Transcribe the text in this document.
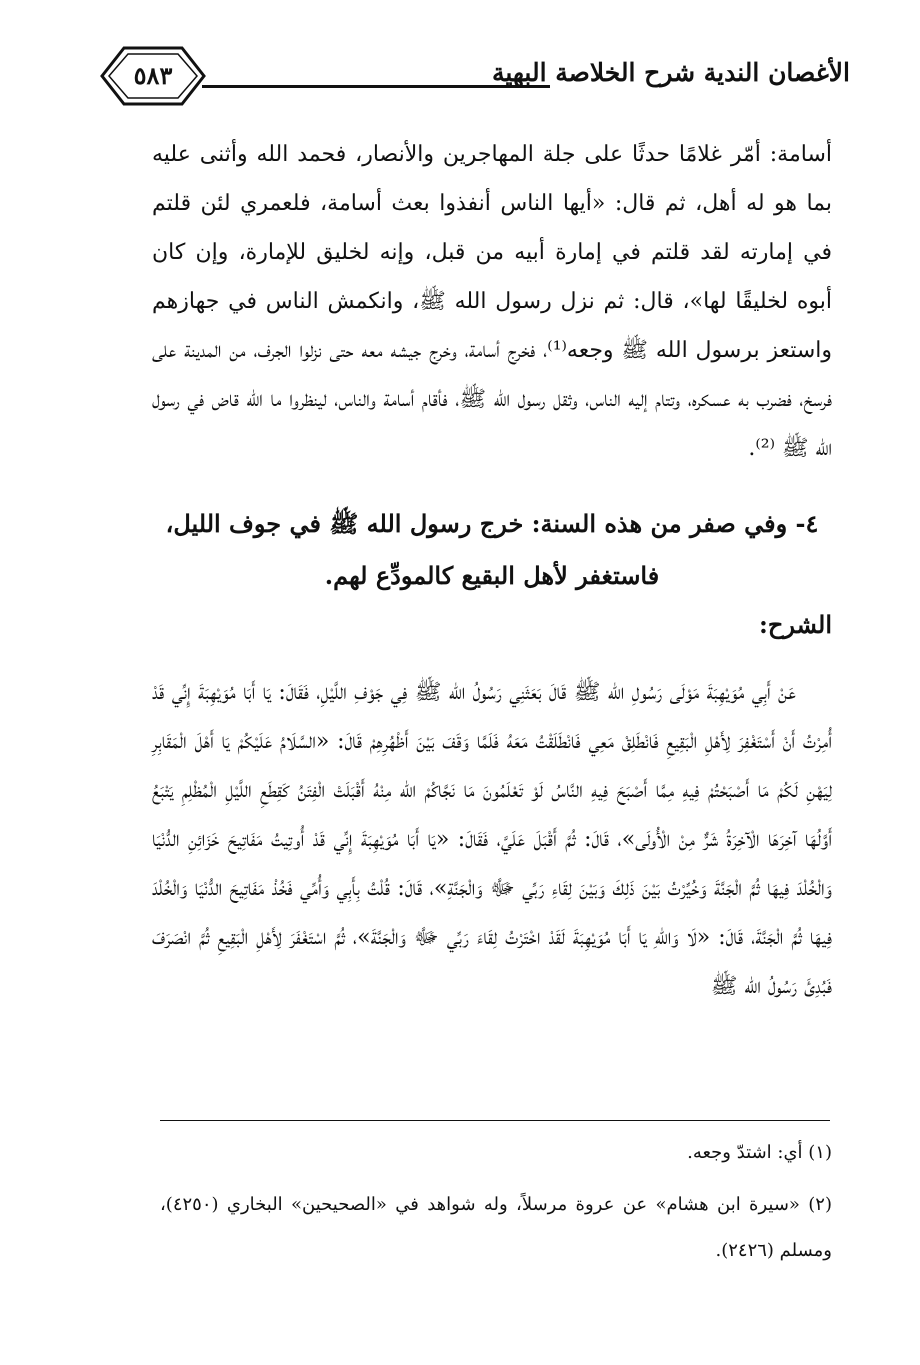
٥٨٣	الأغصان الندية شرح الخلاصة البهية

أسامة: أمّر غلامًا حدثًا على جلة المهاجرين والأنصار، فحمد الله وأثنى عليه بما هو له أهل، ثم قال: «أيها الناس أنفذوا بعث أسامة، فلعمري لئن قلتم في إمارته لقد قلتم في إمارة أبيه من قبل، وإنه لخليق للإمارة، وإن كان أبوه لخليقًا لها»، قال: ثم نزل رسول الله ﷺ، وانكمش الناس في جهازهم واستعز برسول الله ﷺ وجعه⁽¹⁾، فخرج أسامة، وخرج جيشه معه حتى نزلوا الجرف، من المدينة على فرسخ، فضرب به عسكره، وتتام إليه الناس، وثقل رسول الله ﷺ، فأقام أسامة والناس، لينظروا ما الله قاض في رسول الله ﷺ ⁽²⁾.

٤- وفي صفر من هذه السنة: خرج رسول الله ﷺ في جوف الليل،

فاستغفر لأهل البقيع كالمودِّع لهم.

الشرح:

عَنْ أَبِي مُوَيْهِبَةَ مَوْلَى رَسُولِ الله ﷺ قَالَ بَعَثَنِي رَسُولُ الله ﷺ فِي جَوْفِ اللَّيْلِ، فَقَالَ: يَا أَبَا مُوَيْهِبَةَ إِنِّي قَدْ أُمِرْتُ أَنْ أَسْتَغْفِرَ لِأَهْلِ الْبَقِيعِ فَانْطَلِقْ مَعِي فَانْطَلَقْتُ مَعَهُ فَلَمَّا وَقَفَ بَيْنَ أَظْهُرِهِمْ قَالَ: «السَّلَامُ عَلَيْكُمْ يَا أَهْلَ الْمَقَابِرِ لِيَهْنِ لَكُمْ مَا أَصْبَحْتُمْ فِيهِ مِمَّا أَصْبَحَ فِيهِ النَّاسُ لَوْ تَعْلَمُونَ مَا نَجَّاكُمْ الله مِنْهُ أَقْبَلَتْ الْفِتَنُ كَقِطَعِ اللَّيْلِ الْمُظْلِمِ يَتْبَعُ أَوَّلُهَا آخِرَهَا الْآخِرَةُ شَرٌّ مِنْ الْأُولَى»، قَالَ: ثُمَّ أَقْبَلَ عَلَيَّ، فَقَالَ: «يَا أَبَا مُوَيْهِبَةَ إِنِّي قَدْ أُوتِيتُ مَفَاتِيحَ خَزَائِنِ الدُّنْيَا وَالْخُلْدَ فِيهَا ثُمَّ الْجَنَّةَ وَخُيِّرْتُ بَيْنَ ذَلِكَ وَبَيْنَ لِقَاءِ رَبِّي ﷻ وَالْجَنَّةِ»، قَالَ: قُلْتُ بِأَبِي وَأُمِّي فَخُذْ مَفَاتِيحَ الدُّنْيَا وَالْخُلْدَ فِيهَا ثُمَّ الْجَنَّةَ، قَالَ: «لَا وَاللهِ يَا أَبَا مُوَيْهِبَةَ لَقَدْ اخْتَرْتُ لِقَاءَ رَبِّي ﷻ وَالْجَنَّةَ»، ثُمَّ اسْتَغْفَرَ لِأَهْلِ الْبَقِيعِ ثُمَّ انْصَرَفَ فَبُدِئَ رَسُولُ الله ﷺ

(١) أي: اشتدّ وجعه.

(٢) «سيرة ابن هشام» عن عروة مرسلاً، وله شواهد في «الصحيحين» البخاري (٤٢٥٠)، ومسلم (٢٤٢٦).
